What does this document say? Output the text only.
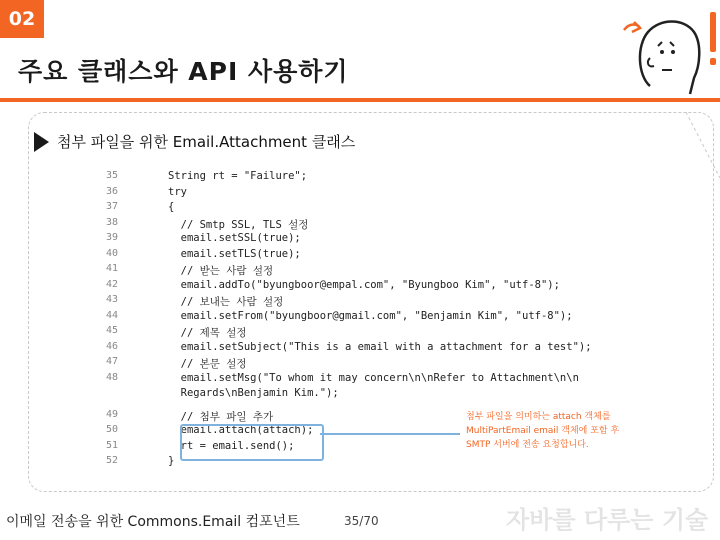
02
주요 클래스와 API 사용하기
첨부 파일을 위한 Email.Attachment 클래스
35	String rt = "Failure";
36	try
37	{
38	// Smtp SSL, TLS 설정
39	email.setSSL(true);
40	email.setTLS(true);
41	// 받는 사람 설정
42	email.addTo("byungboor@empal.com", "Byungboo Kim", "utf-8");
43	// 보내는 사람 설정
44	email.setFrom("byungboor@gmail.com", "Benjamin Kim", "utf-8");
45	// 제목 설정
46	email.setSubject("This is a email with a attachment for a test");
47	// 본문 설정
48	email.setMsg("To whom it may concern\n\nRefer to Attachment\n\n
Regards\nBenjamin Kim.");
49	// 첨부 파일 추가
50	email.attach(attach);
51	rt = email.send();
52	}
첨부 파일을 의미하는 attach 객체를
MultiPartEmail email 객체에 포함 후
SMTP 서버에 전송 요청합니다.
이메일 전송을 위한 Commons.Email 컴포넌트	35/70	자바를 다루는 기술
